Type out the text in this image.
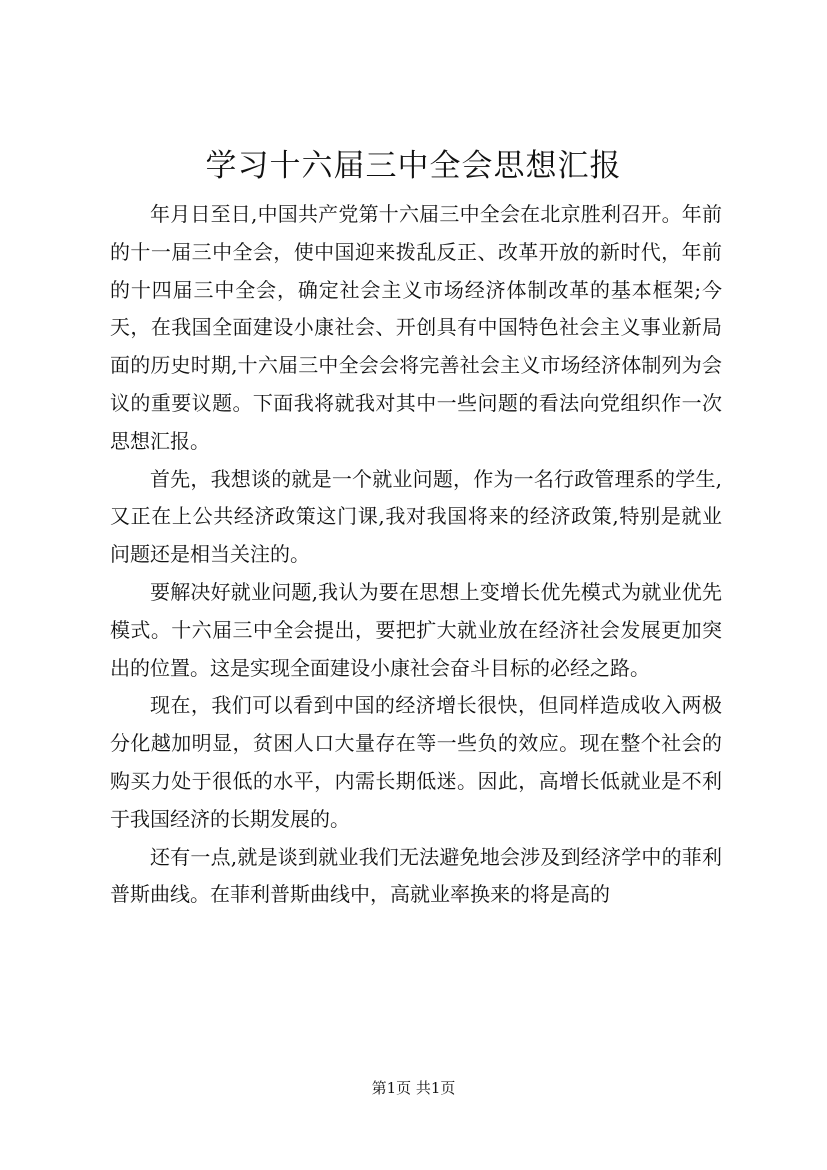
学习十六届三中全会思想汇报

年月日至日,中国共产党第十六届三中全会在北京胜利召开。年前的十一届三中全会，使中国迎来拨乱反正、改革开放的新时代，年前的十四届三中全会，确定社会主义市场经济体制改革的基本框架;今天，在我国全面建设小康社会、开创具有中国特色社会主义事业新局面的历史时期,十六届三中全会会将完善社会主义市场经济体制列为会议的重要议题。下面我将就我对其中一些问题的看法向党组织作一次思想汇报。

首先，我想谈的就是一个就业问题，作为一名行政管理系的学生,又正在上公共经济政策这门课,我对我国将来的经济政策,特别是就业问题还是相当关注的。

要解决好就业问题,我认为要在思想上变增长优先模式为就业优先模式。十六届三中全会提出，要把扩大就业放在经济社会发展更加突出的位置。这是实现全面建设小康社会奋斗目标的必经之路。

现在，我们可以看到中国的经济增长很快，但同样造成收入两极分化越加明显，贫困人口大量存在等一些负的效应。现在整个社会的购买力处于很低的水平，内需长期低迷。因此，高增长低就业是不利于我国经济的长期发展的。

还有一点,就是谈到就业我们无法避免地会涉及到经济学中的菲利普斯曲线。在菲利普斯曲线中，高就业率换来的将是高的

第1页 共1页
